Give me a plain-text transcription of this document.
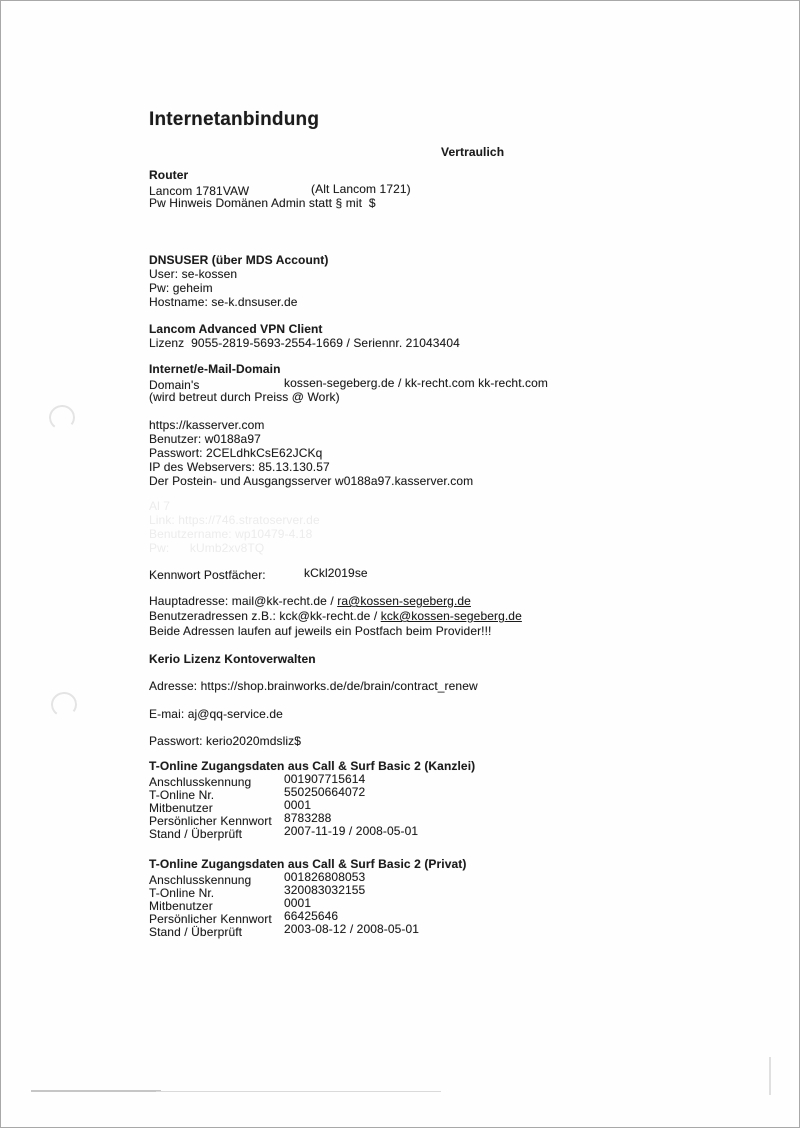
Internetanbindung
Vertraulich
Router
Lancom 1781VAW	(Alt Lancom 1721)
Pw Hinweis Domänen Admin statt § mit  $
DNSUSER (über MDS Account)
User: se-kossen
Pw: geheim
Hostname: se-k.dnsuser.de
Lancom Advanced VPN Client
Lizenz  9055-2819-5693-2554-1669 / Seriennr. 21043404
Internet/e-Mail-Domain
Domain's	kossen-segeberg.de / kk-recht.com kk-recht.com
(wird betreut durch Preiss @ Work)
https://kasserver.com
Benutzer: w0188a97
Passwort: 2CELdhkCsE62JCKq
IP des Webservers: 85.13.130.57
Der Postein- und Ausgangsserver w0188a97.kasserver.com
Al 7
Link: https://746.stratoserver.de
Benutzername: wp10479-4.18
Pw:      kUmb2xv8TQ
Kennwort Postfächer:	kCkl2019se
Hauptadresse: mail@kk-recht.de / ra@kossen-segeberg.de
Benutzeradressen z.B.: kck@kk-recht.de / kck@kossen-segeberg.de
Beide Adressen laufen auf jeweils ein Postfach beim Provider!!!
Kerio Lizenz Kontoverwalten
Adresse: https://shop.brainworks.de/de/brain/contract_renew
E-mai: aj@qq-service.de
Passwort: kerio2020mdsliz$
T-Online Zugangsdaten aus Call & Surf Basic 2 (Kanzlei)
Anschlusskennung	001907715614
T-Online Nr.	550250664072
Mitbenutzer	0001
Persönlicher Kennwort 8783288
Stand / Überprüft	2007-11-19 / 2008-05-01
T-Online Zugangsdaten aus Call & Surf Basic 2 (Privat)
Anschlusskennung	001826808053
T-Online Nr.	320083032155
Mitbenutzer	0001
Persönlicher Kennwort 66425646
Stand / Überprüft	2003-08-12 / 2008-05-01
